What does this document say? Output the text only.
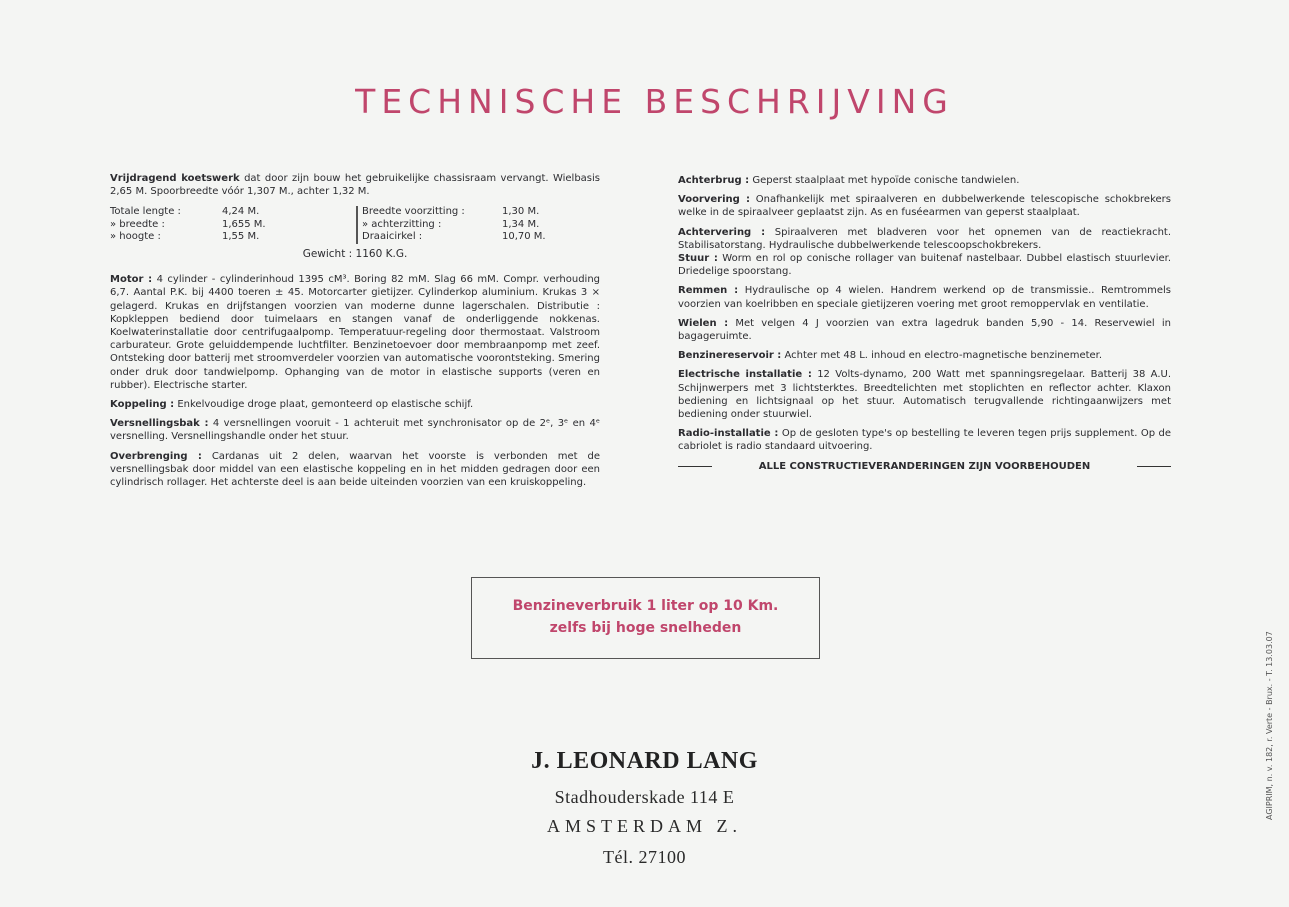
TECHNISCHE BESCHRIJVING

Vrijdragend koetswerk dat door zijn bouw het gebruikelijke chassisraam vervangt. Wielbasis 2,65 M. Spoorbreedte vóór 1,307 M., achter 1,32 M.

Totale lengte :	4,24 M.
» breedte :	1,655 M.
» hoogte :	1,55 M.
Breedte voorzitting :	1,30 M.
» achterzitting :	1,34 M.
Draaicirkel :	10,70 M.
Gewicht : 1160 K.G.

Motor : 4 cylinder - cylinderinhoud 1395 cM³. Boring 82 mM. Slag 66 mM. Compr. verhouding 6,7. Aantal P.K. bij 4400 toeren ± 45. Motorcarter gietijzer. Cylinderkop aluminium. Krukas 3 × gelagerd. Krukas en drijfstangen voorzien van moderne dunne lagerschalen. Distributie : Kopkleppen bediend door tuimelaars en stangen vanaf de onderliggende nokkenas. Koelwaterinstallatie door centrifugaalpomp. Temperatuur-regeling door thermostaat. Valstroom carburateur. Grote geluiddempende luchtfilter. Benzinetoevoer door membraanpomp met zeef. Ontsteking door batterij met stroomverdeler voorzien van automatische voorontsteking. Smering onder druk door tandwielpomp. Ophanging van de motor in elastische supports (veren en rubber). Electrische starter.

Koppeling : Enkelvoudige droge plaat, gemonteerd op elastische schijf.

Versnellingsbak : 4 versnellingen vooruit - 1 achteruit met synchronisator op de 2ᵉ, 3ᵉ en 4ᵉ versnelling. Versnellingshandle onder het stuur.

Overbrenging : Cardanas uit 2 delen, waarvan het voorste is verbonden met de versnellingsbak door middel van een elastische koppeling en in het midden gedragen door een cylindrisch rollager. Het achterste deel is aan beide uiteinden voorzien van een kruiskoppeling.

Achterbrug : Geperst staalplaat met hypoïde conische tandwielen.

Voorvering : Onafhankelijk met spiraalveren en dubbelwerkende telescopische schokbrekers welke in de spiraalveer geplaatst zijn. As en fuséearmen van geperst staalplaat.

Achtervering : Spiraalveren met bladveren voor het opnemen van de reactiekracht. Stabilisatorstang. Hydraulische dubbelwerkende telescoopschokbrekers.

Stuur : Worm en rol op conische rollager van buitenaf nastelbaar. Dubbel elastisch stuurlevier. Driedelige spoorstang.

Remmen : Hydraulische op 4 wielen. Handrem werkend op de transmissie.. Remtrommels voorzien van koelribben en speciale gietijzeren voering met groot remoppervlak en ventilatie.

Wielen : Met velgen 4 J voorzien van extra lagedruk banden 5,90 - 14. Reservewiel in bagageruimte.

Benzinereservoir : Achter met 48 L. inhoud en electro-magnetische benzinemeter.

Electrische installatie : 12 Volts-dynamo, 200 Watt met spanningsregelaar. Batterij 38 A.U. Schijnwerpers met 3 lichtsterktes. Breedtelichten met stoplichten en reflector achter. Klaxon bediening en lichtsignaal op het stuur. Automatisch terugvallende richtingaanwijzers met bediening onder stuurwiel.

Radio-installatie : Op de gesloten type's op bestelling te leveren tegen prijs supplement. Op de cabriolet is radio standaard uitvoering.

ALLE CONSTRUCTIEVERANDERINGEN ZIJN VOORBEHOUDEN
Benzineverbruik 1 liter op 10 Km.
zelfs bij hoge snelheden
J. LEONARD LANG
Stadhouderskade 114 E
AMSTERDAM Z.
Tél. 27100
AGIPRIM, n. v. 182, r. Verte - Brux. - T. 13.03.07
